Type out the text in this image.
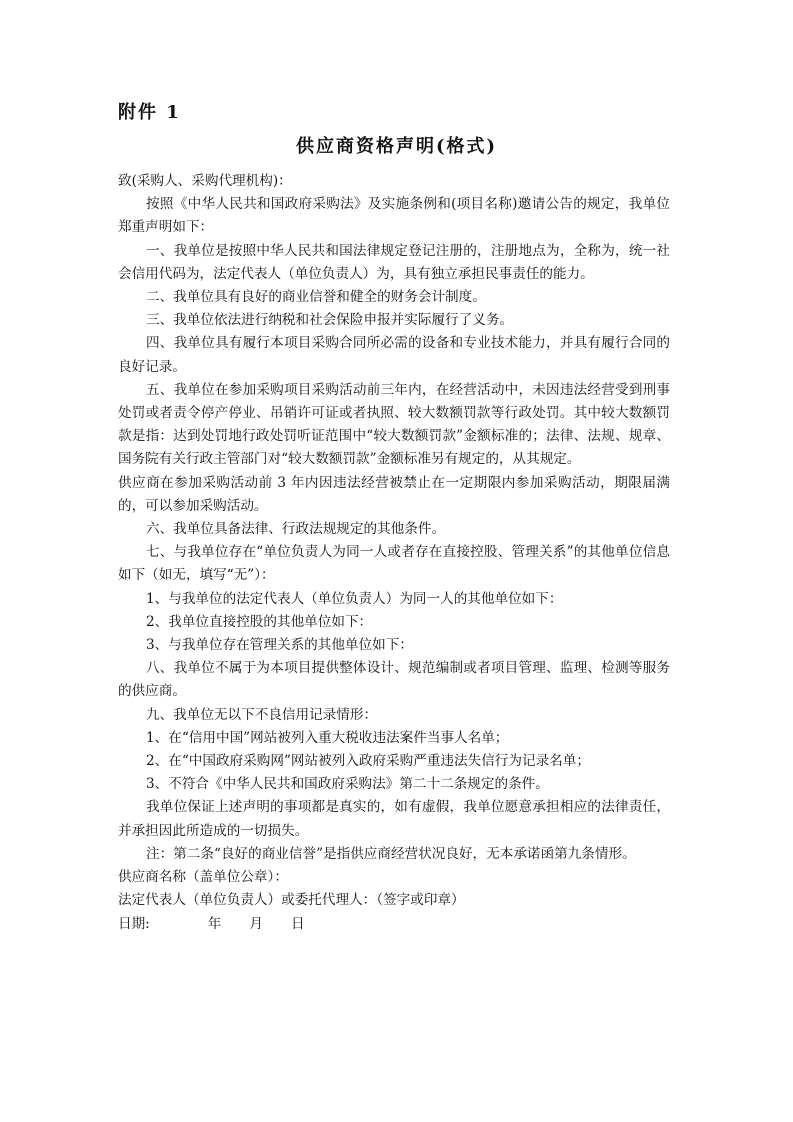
附件 1
供应商资格声明(格式)

致(采购人、采购代理机构)：

按照《中华人民共和国政府采购法》及实施条例和(项目名称)邀请公告的规定，我单位郑重声明如下：

一、我单位是按照中华人民共和国法律规定登记注册的，注册地点为，全称为，统一社会信用代码为，法定代表人（单位负责人）为，具有独立承担民事责任的能力。

二、我单位具有良好的商业信誉和健全的财务会计制度。

三、我单位依法进行纳税和社会保险申报并实际履行了义务。

四、我单位具有履行本项目采购合同所必需的设备和专业技术能力，并具有履行合同的良好记录。

五、我单位在参加采购项目采购活动前三年内，在经营活动中，未因违法经营受到刑事处罚或者责令停产停业、吊销许可证或者执照、较大数额罚款等行政处罚。其中较大数额罚款是指：达到处罚地行政处罚听证范围中“较大数额罚款”金额标准的；法律、法规、规章、国务院有关行政主管部门对“较大数额罚款”金额标准另有规定的，从其规定。

供应商在参加采购活动前 3 年内因违法经营被禁止在一定期限内参加采购活动，期限届满的，可以参加采购活动。

六、我单位具备法律、行政法规规定的其他条件。

七、与我单位存在“单位负责人为同一人或者存在直接控股、管理关系”的其他单位信息如下（如无，填写“无”）：

1、与我单位的法定代表人（单位负责人）为同一人的其他单位如下：

2、我单位直接控股的其他单位如下：

3、与我单位存在管理关系的其他单位如下：

八、我单位不属于为本项目提供整体设计、规范编制或者项目管理、监理、检测等服务的供应商。

九、我单位无以下不良信用记录情形：

1、在“信用中国”网站被列入重大税收违法案件当事人名单；

2、在“中国政府采购网”网站被列入政府采购严重违法失信行为记录名单；

3、不符合《中华人民共和国政府采购法》第二十二条规定的条件。

我单位保证上述声明的事项都是真实的，如有虚假，我单位愿意承担相应的法律责任，并承担因此所造成的一切损失。

注：第二条“良好的商业信誉”是指供应商经营状况良好，无本承诺函第九条情形。

供应商名称（盖单位公章）：

法定代表人（单位负责人）或委托代理人：（签字或印章）

日期:	年 月 日
